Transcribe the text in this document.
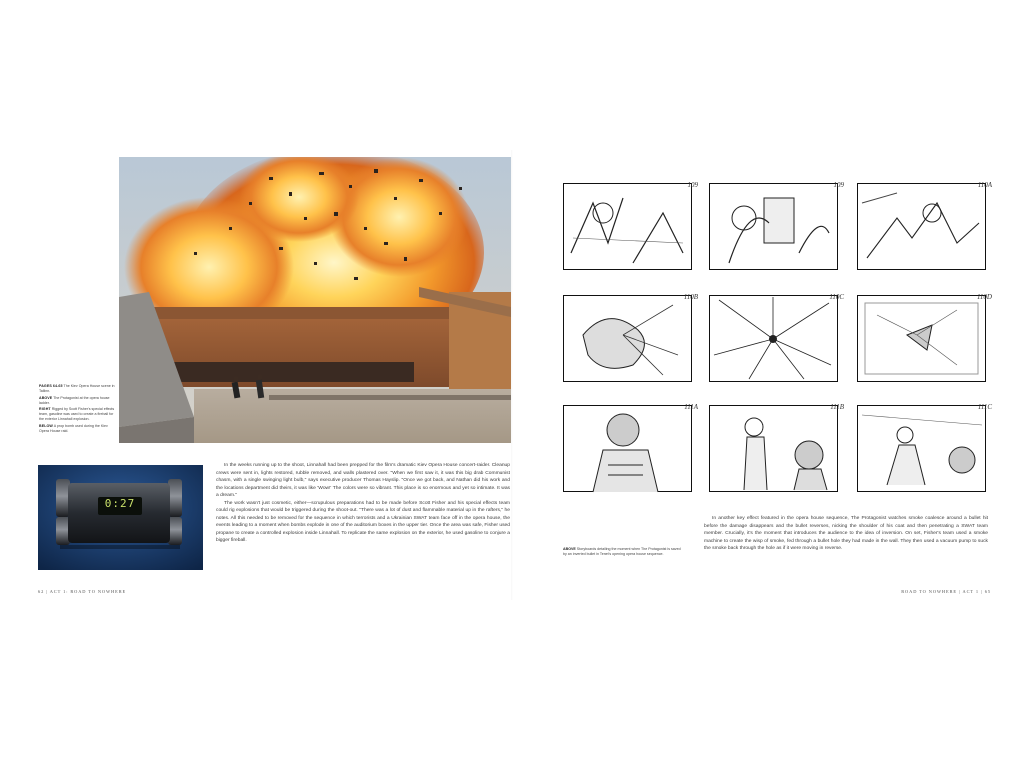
PAGES 64-65 The Kiev Opera House scene in Tallinn.

ABOVE The Protagonist at the opera house ladder.

RIGHT Rigged by Scott Fisher's special effects team, gasoline was used to create a fireball for the exterior Linnahall explosion.

BELOW A prop bomb used during the Kiev Opera House raid.

0:27

In the weeks running up to the shoot, Linnahall had been prepped for the film's dramatic Kiev Opera House concert-raider. Cleanup crews were sent in, lights restored, rubble removed, and walls plastered over. "When we first saw it, it was this big drab Communist chasm, with a single swinging light bulb," says executive producer Thomas Hayslip. "Once we got back, and Nathan did his work and the locations department did theirs, it was like 'Wow!' The colors were so vibrant. This place is so enormous and yet so intimate. It was a dream."

The work wasn't just cosmetic, either—scrupulous preparations had to be made before Scott Fisher and his special effects team could rig explosions that would be triggered during the shoot-out. "There was a lot of dust and flammable material up in the rafters," he notes. All this needed to be removed for the sequence in which terrorists and a Ukrainian SWAT team face off in the opera house, the events leading to a moment when bombs explode in one of the auditorium boxes in the upper tier. Once the area was safe, Fisher used propane to create a controlled explosion inside Linnahall. To replicate the same explosion on the exterior, he used gasoline to conjure a bigger fireball.

62 | ACT 1: ROAD TO NOWHERE
109	109	110A
110B	110C	110D
111A	111B	111C
ABOVE Storyboards detailing the moment when The Protagonist is saved by an inverted bullet in Tenet's opening opera house sequence.

In another key effect featured in the opera house sequence, The Protagonist watches smoke coalesce around a bullet hit before the damage disappears and the bullet reverses, nicking the shoulder of his coat and then penetrating a SWAT team member. Crucially, it's the moment that introduces the audience to the idea of inversion. On set, Fisher's team used a smoke machine to create the wisp of smoke, fed through a bullet hole they had made in the wall. They then used a vacuum pump to suck the smoke back through the hole as if it were moving in reverse.

ROAD TO NOWHERE | ACT 1 | 65
